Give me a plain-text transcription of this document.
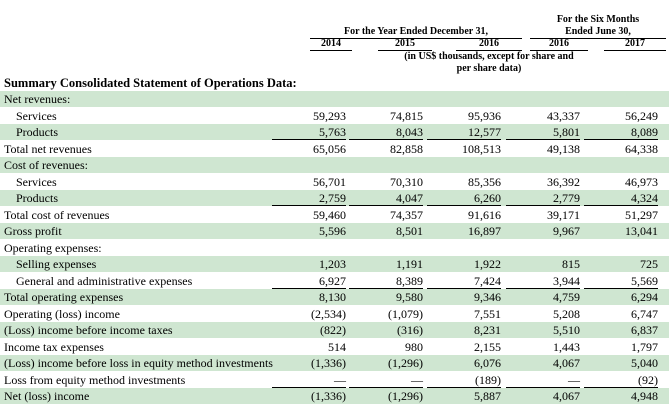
For the Six Months
Ended June 30,
For the Year Ended December 31,
2014	2015	2016	2016	2017
(in US$ thousands, except for share and
per share data)
Summary Consolidated Statement of Operations Data:
Net revenues:
Services	59,293	74,815	95,936	43,337	56,249
Products	5,763	8,043	12,577	5,801	8,089
Total net revenues	65,056	82,858	108,513	49,138	64,338
Cost of revenues:
Services	56,701	70,310	85,356	36,392	46,973
Products	2,759	4,047	6,260	2,779	4,324
Total cost of revenues	59,460	74,357	91,616	39,171	51,297
Gross profit	5,596	8,501	16,897	9,967	13,041
Operating expenses:
Selling expenses	1,203	1,191	1,922	815	725
General and administrative expenses	6,927	8,389	7,424	3,944	5,569
Total operating expenses	8,130	9,580	9,346	4,759	6,294
Operating (loss) income	(2,534)	(1,079)	7,551	5,208	6,747
(Loss) income before income taxes	(822)	(316)	8,231	5,510	6,837
Income tax expenses	514	980	2,155	1,443	1,797
(Loss) income before loss in equity method investments	(1,336)	(1,296)	6,076	4,067	5,040
Loss from equity method investments	—	—	(189)	—	(92)
Net (loss) income	(1,336)	(1,296)	5,887	4,067	4,948
